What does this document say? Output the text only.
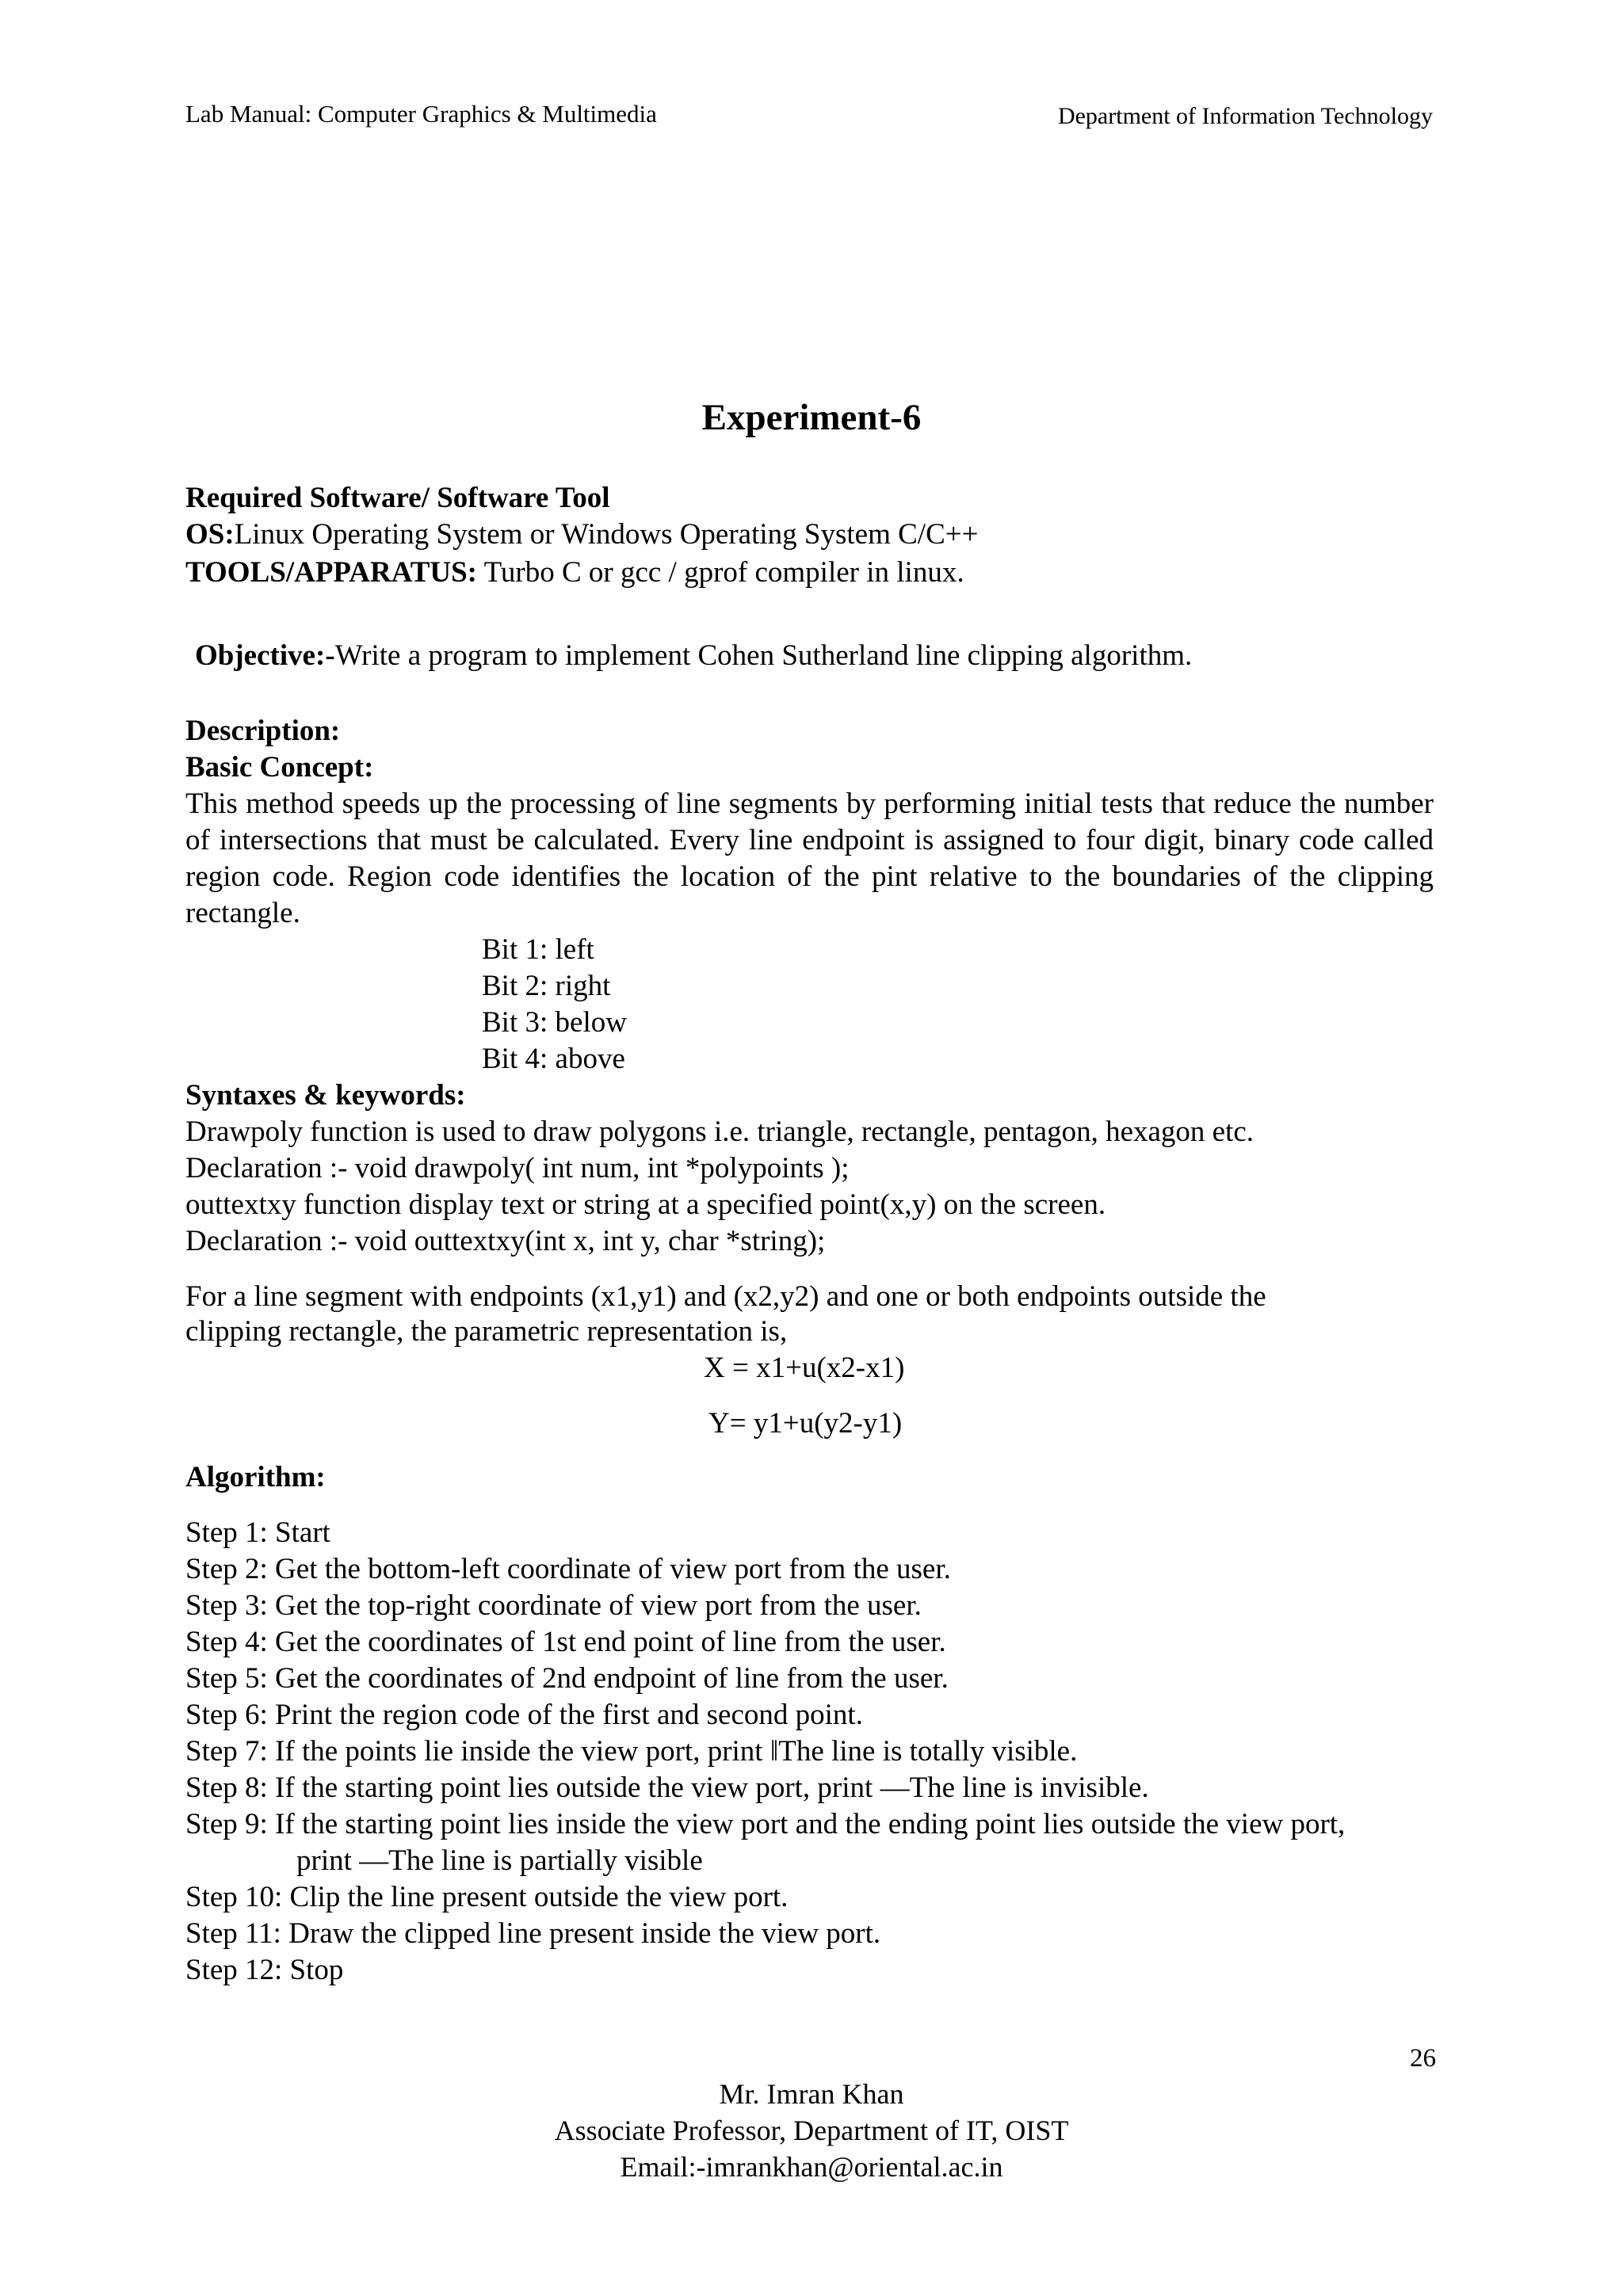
Lab Manual: Computer Graphics & Multimedia	Department of Information Technology
Experiment-6
Required Software/ Software Tool
OS:Linux Operating System or Windows Operating System C/C++
TOOLS/APPARATUS: Turbo C or gcc / gprof compiler in linux.
Objective:-Write a program to implement Cohen Sutherland line clipping algorithm.
Description:
Basic Concept:
This method speeds up the processing of line segments by performing initial tests that reduce the number of intersections that must be calculated. Every line endpoint is assigned to four digit, binary code called region code. Region code identifies the location of the pint relative to the boundaries of the clipping rectangle.
Bit 1: left
Bit 2: right
Bit 3: below
Bit 4: above
Syntaxes & keywords:
Drawpoly function is used to draw polygons i.e. triangle, rectangle, pentagon, hexagon etc.
Declaration :- void drawpoly( int num, int *polypoints );
outtextxy function display text or string at a specified point(x,y) on the screen.
Declaration :- void outtextxy(int x, int y, char *string);
For a line segment with endpoints (x1,y1) and (x2,y2) and one or both endpoints outside the
clipping rectangle, the parametric representation is,
X = x1+u(x2-x1)
Y= y1+u(y2-y1)
Algorithm:
Step 1: Start
Step 2: Get the bottom-left coordinate of view port from the user.
Step 3: Get the top-right coordinate of view port from the user.
Step 4: Get the coordinates of 1st end point of line from the user.
Step 5: Get the coordinates of 2nd endpoint of line from the user.
Step 6: Print the region code of the first and second point.
Step 7: If the points lie inside the view port, print ‖The line is totally visible.
Step 8: If the starting point lies outside the view port, print ―The line is invisible.
Step 9: If the starting point lies inside the view port and the ending point lies outside the view port,
print ―The line is partially visible
Step 10: Clip the line present outside the view port.
Step 11: Draw the clipped line present inside the view port.
Step 12: Stop
26
Mr. Imran Khan
Associate Professor, Department of IT, OIST
Email:-imrankhan@oriental.ac.in
